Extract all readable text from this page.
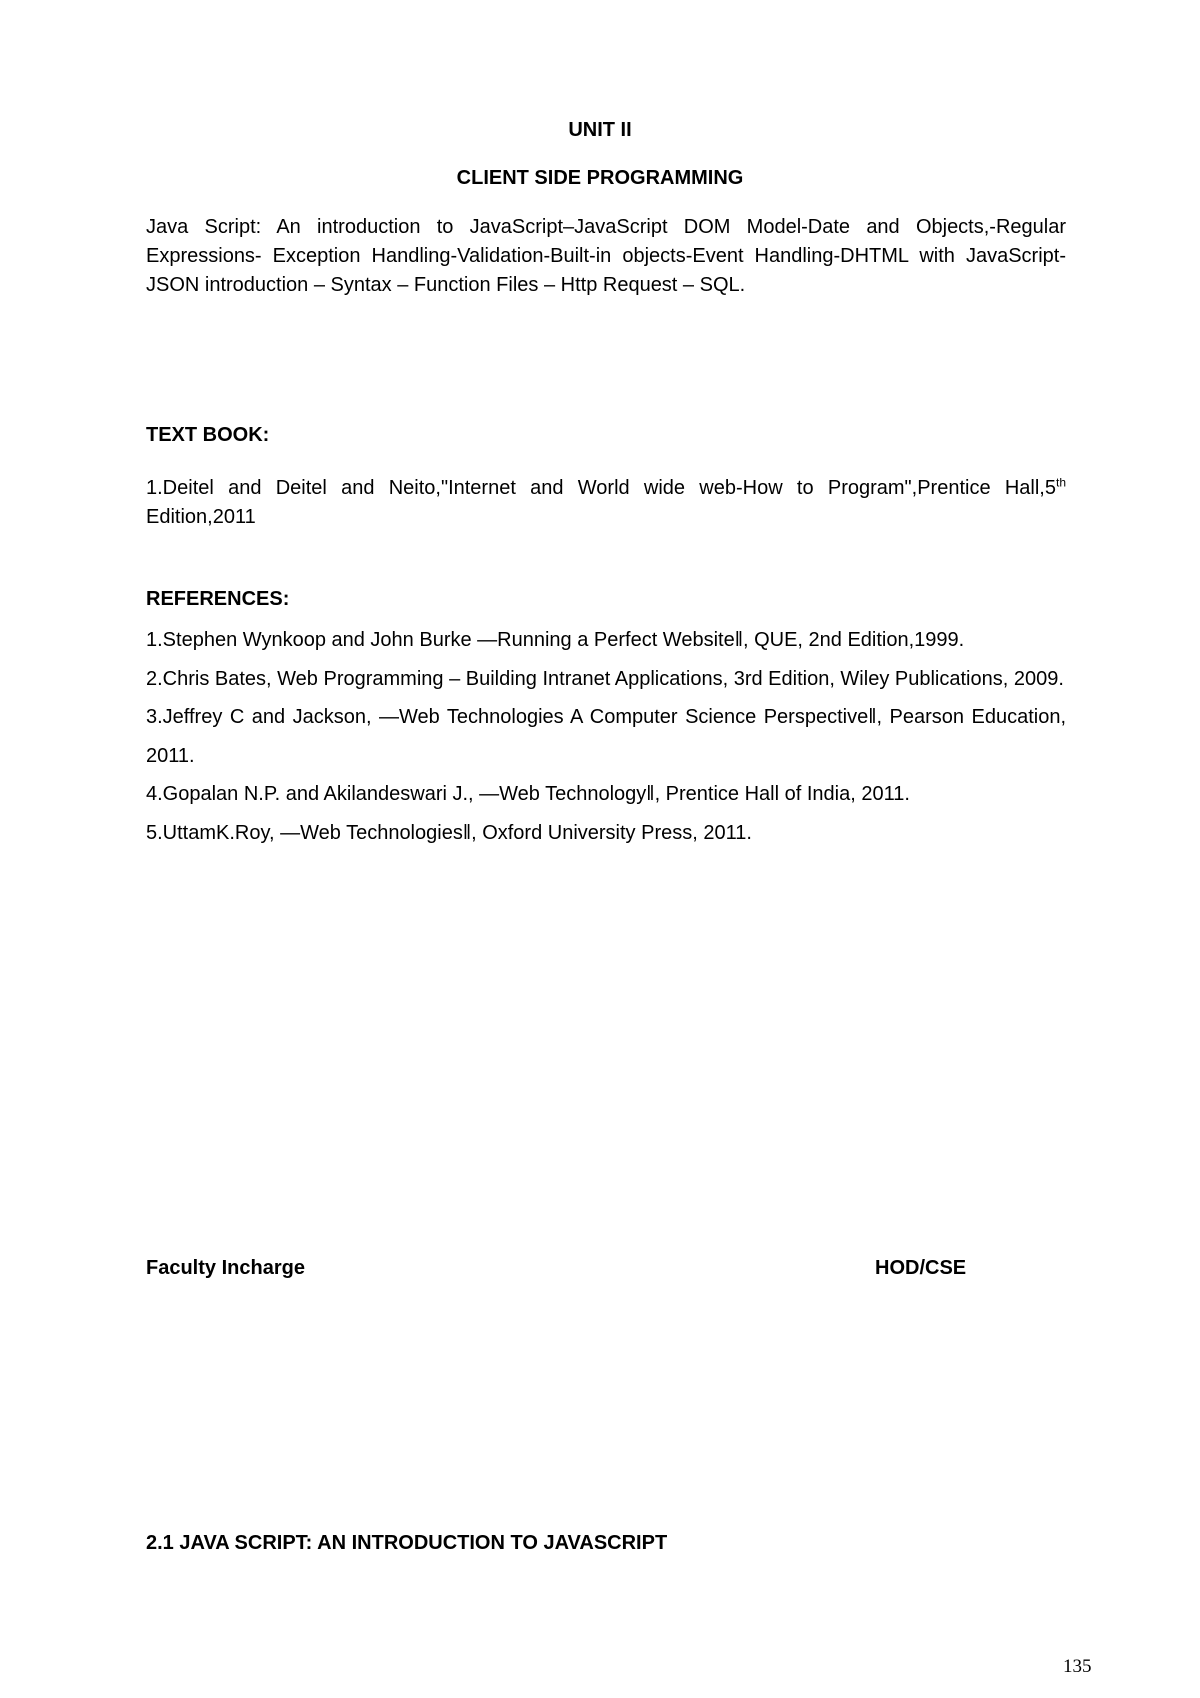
UNIT II

CLIENT SIDE PROGRAMMING

Java Script: An introduction to JavaScript–JavaScript DOM Model-Date and Objects,-Regular Expressions- Exception Handling-Validation-Built-in objects-Event Handling-DHTML with JavaScript- JSON introduction – Syntax – Function Files – Http Request – SQL.

TEXT BOOK:

1.Deitel and Deitel and Neito,"Internet and World wide web-How to Program",Prentice Hall,5th Edition,2011

REFERENCES:

1.Stephen Wynkoop and John Burke ―Running a Perfect Website‖, QUE, 2nd Edition,1999.

2.Chris Bates, Web Programming – Building Intranet Applications, 3rd Edition, Wiley Publications, 2009.

3.Jeffrey C and Jackson, ―Web Technologies A Computer Science Perspective‖, Pearson Education, 2011.

4.Gopalan N.P. and Akilandeswari J., ―Web Technology‖, Prentice Hall of India, 2011.

5.UttamK.Roy, ―Web Technologies‖, Oxford University Press, 2011.

Faculty Incharge	HOD/CSE

2.1 JAVA SCRIPT: AN INTRODUCTION TO JAVASCRIPT

135
